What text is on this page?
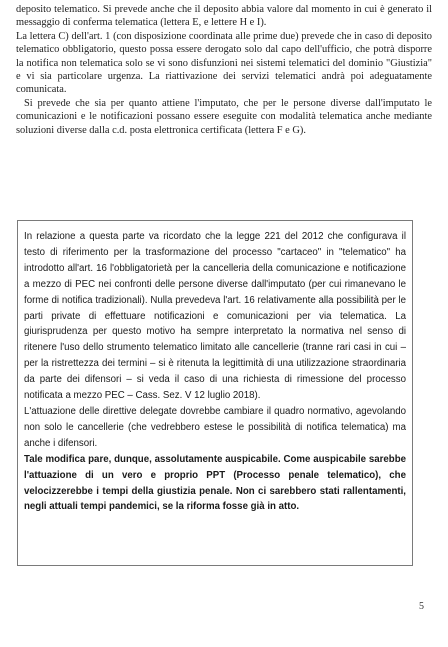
deposito telematico. Si prevede anche che il deposito abbia valore dal momento in cui è generato il messaggio di conferma telematica (lettera E, e lettere H e I).

La lettera C) dell'art. 1 (con disposizione coordinata alle prime due) prevede che in caso di deposito telematico obbligatorio, questo possa essere derogato solo dal capo dell'ufficio, che potrà disporre la notifica non telematica solo se vi sono disfunzioni nei sistemi telematici del dominio "Giustizia" e vi sia particolare urgenza. La riattivazione dei servizi telematici andrà poi adeguatamente comunicata.

Si prevede che sia per quanto attiene l'imputato, che per le persone diverse dall'imputato le comunicazioni e le notificazioni possano essere eseguite con modalità telematica anche mediante soluzioni diverse dalla c.d. posta elettronica certificata (lettera F e G).

In relazione a questa parte va ricordato che la legge 221 del 2012 che configurava il testo di riferimento per la trasformazione del processo "cartaceo" in "telematico" ha introdotto all'art. 16 l'obbligatorietà per la cancelleria della comunicazione e notificazione a mezzo di PEC nei confronti delle persone diverse dall'imputato (per cui rimanevano le forme di notifica tradizionali). Nulla prevedeva l'art. 16 relativamente alla possibilità per le parti private di effettuare notificazioni e comunicazioni per via telematica. La giurisprudenza per questo motivo ha sempre interpretato la normativa nel senso di ritenere l'uso dello strumento telematico limitato alle cancellerie (tranne rari casi in cui – per la ristrettezza dei termini – si è ritenuta la legittimità di una utilizzazione straordinaria da parte dei difensori – si veda il caso di una richiesta di rimessione del processo notificata a mezzo PEC – Cass. Sez. V 12 luglio 2018).

L'attuazione delle direttive delegate dovrebbe cambiare il quadro normativo, agevolando non solo le cancellerie (che vedrebbero estese le possibilità di notifica telematica) ma anche i difensori.

Tale modifica pare, dunque, assolutamente auspicabile. Come auspicabile sarebbe l'attuazione di un vero e proprio PPT (Processo penale telematico), che velocizzerebbe i tempi della giustizia penale. Non ci sarebbero stati rallentamenti, negli attuali tempi pandemici, se la riforma fosse già in atto.

5
